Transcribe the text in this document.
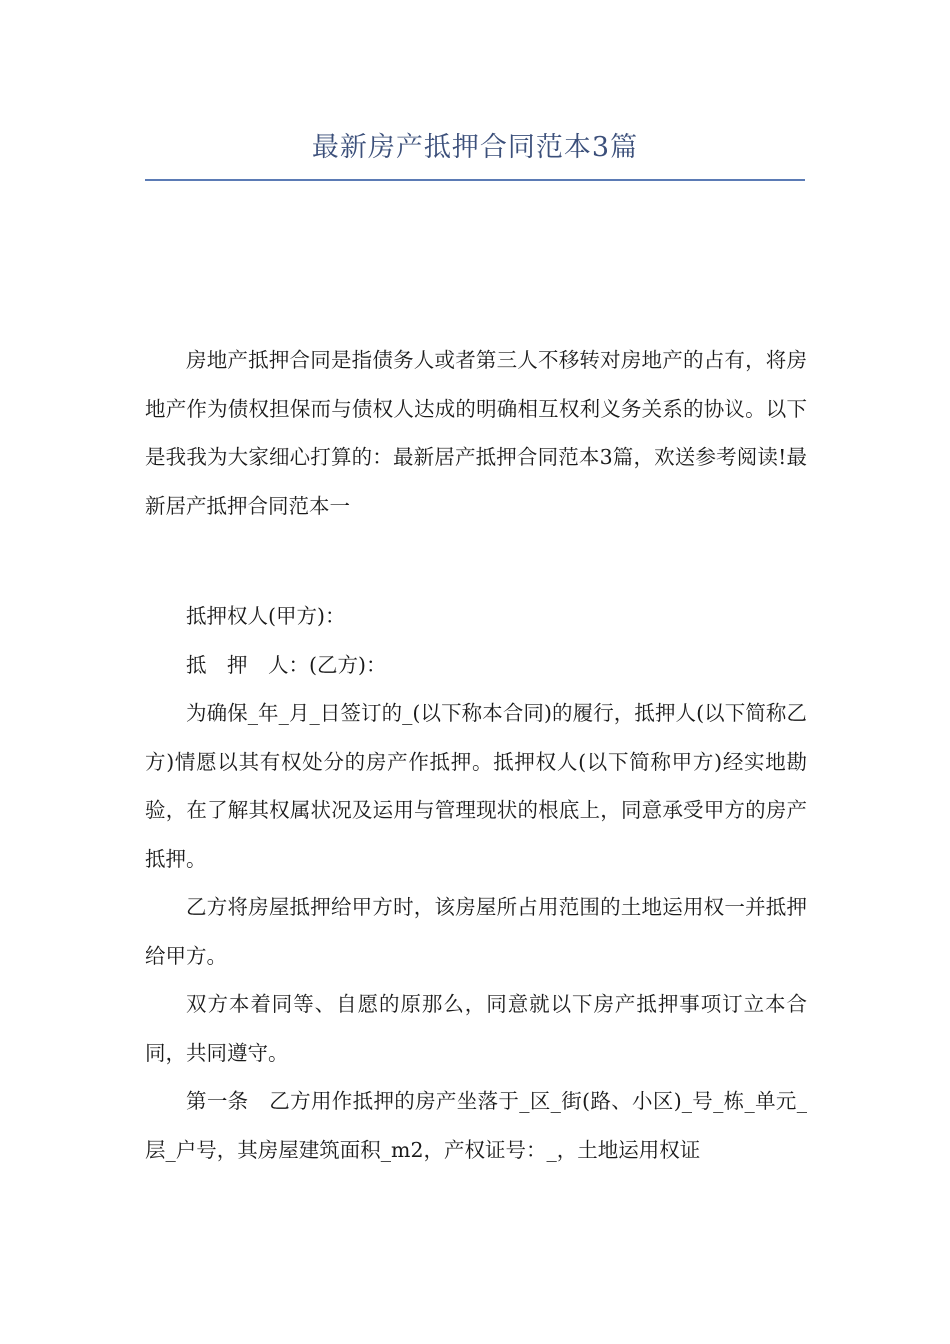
最新房产抵押合同范本3篇

房地产抵押合同是指债务人或者第三人不移转对房地产的占有，将房地产作为债权担保而与债权人达成的明确相互权利义务关系的协议。以下是我我为大家细心打算的：最新居产抵押合同范本3篇，欢送参考阅读!最新居产抵押合同范本一

抵押权人(甲方)：

抵　押　人：(乙方)：

为确保_年_月_日签订的_(以下称本合同)的履行，抵押人(以下简称乙方)情愿以其有权处分的房产作抵押。抵押权人(以下简称甲方)经实地勘验，在了解其权属状况及运用与管理现状的根底上，同意承受甲方的房产抵押。

乙方将房屋抵押给甲方时，该房屋所占用范围的土地运用权一并抵押给甲方。

双方本着同等、自愿的原那么，同意就以下房产抵押事项订立本合同，共同遵守。

第一条　乙方用作抵押的房产坐落于_区_街(路、小区)_号_栋_单元_层_户号，其房屋建筑面积_m2，产权证号：_，土地运用权证
